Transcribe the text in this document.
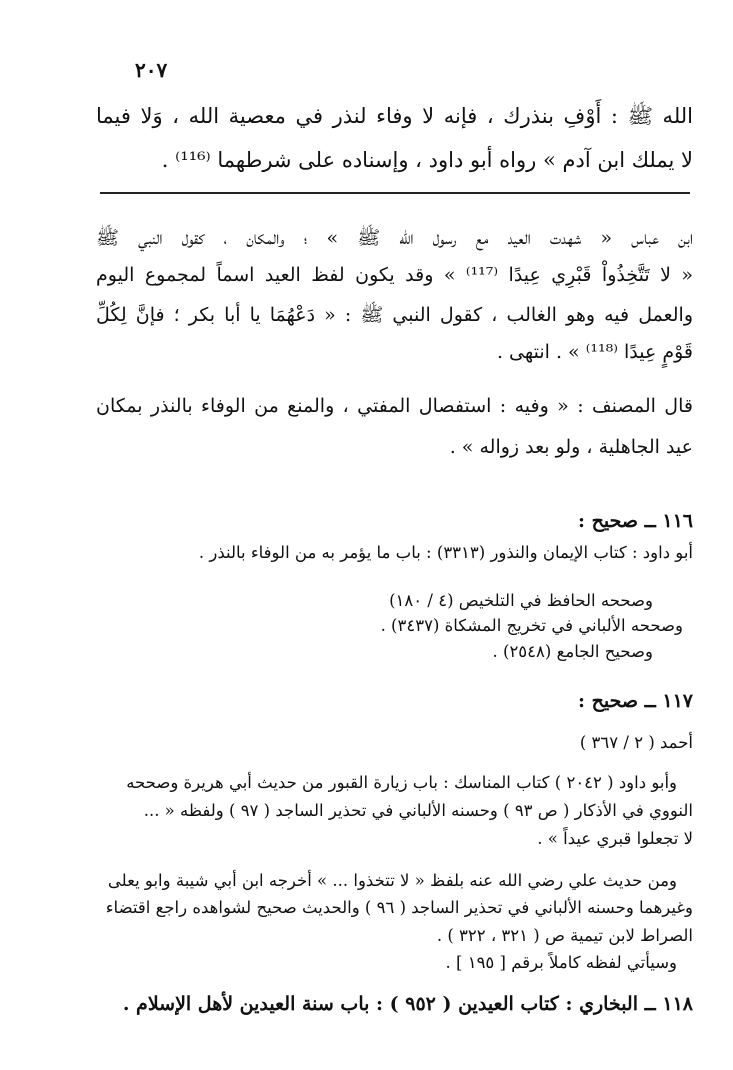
٢٠٧
الله ﷺ : أَوْفِ بنذرك ، فإنه لا وفاء لنذر في معصية الله ، وَلا فيما
لا يملك ابن آدم » رواه أبو داود ، وإسناده على شرطهما ⁽¹¹⁶⁾ .
ابن عباس « شهدت العيد مع رسول الله ﷺ » ؛ والمكان ، كقول النبي ﷺ
« لا تَتَّخِذُواْ قَبْرِي عِيدًا ⁽¹¹⁷⁾ » وقد يكون لفظ العيد اسماً لمجموع اليوم
والعمل فيه وهو الغالب ، كقول النبي ﷺ : « دَعْهُمَا يا أبا بكر ؛ فإنَّ لِكُلِّ
قَوْمٍ عِيدًا ⁽¹¹⁸⁾ » . انتهى .
قال المصنف : « وفيه : استفصال المفتي ، والمنع من الوفاء بالنذر بمكان
عيد الجاهلية ، ولو بعد زواله » .
١١٦ ــ صحيح :
أبو داود : كتاب الإيمان والنذور (٣٣١٣) : باب ما يؤمر به من الوفاء بالنذر .
وصححه الحافظ في التلخيص (٤ / ١٨٠)
وصححه الألباني في تخريج المشكاة (٣٤٣٧) .
وصحيح الجامع (٢٥٤٨) .
١١٧ ــ صحيح :
أحمد ( ٢ / ٣٦٧ )
وأبو داود ( ٢٠٤٢ ) كتاب المناسك : باب زيارة القبور من حديث أبي هريرة وصححه
النووي في الأذكار ( ص ٩٣ ) وحسنه الألباني في تحذير الساجد ( ٩٧ ) ولفظه « ...
لا تجعلوا قبري عيداً » .
ومن حديث علي رضي الله عنه بلفظ « لا تتخذوا ... » أخرجه ابن أبي شيبة وابو يعلى
وغيرهما وحسنه الألباني في تحذير الساجد ( ٩٦ ) والحديث صحيح لشواهده راجع اقتضاء
الصراط لابن تيمية ص ( ٣٢١ ، ٣٢٢ ) .
وسيأتي لفظه كاملاً برقم [ ١٩٥ ] .
١١٨ ــ البخاري : كتاب العيدين ( ٩٥٢ ) : باب سنة العيدين لأهل الإسلام .
